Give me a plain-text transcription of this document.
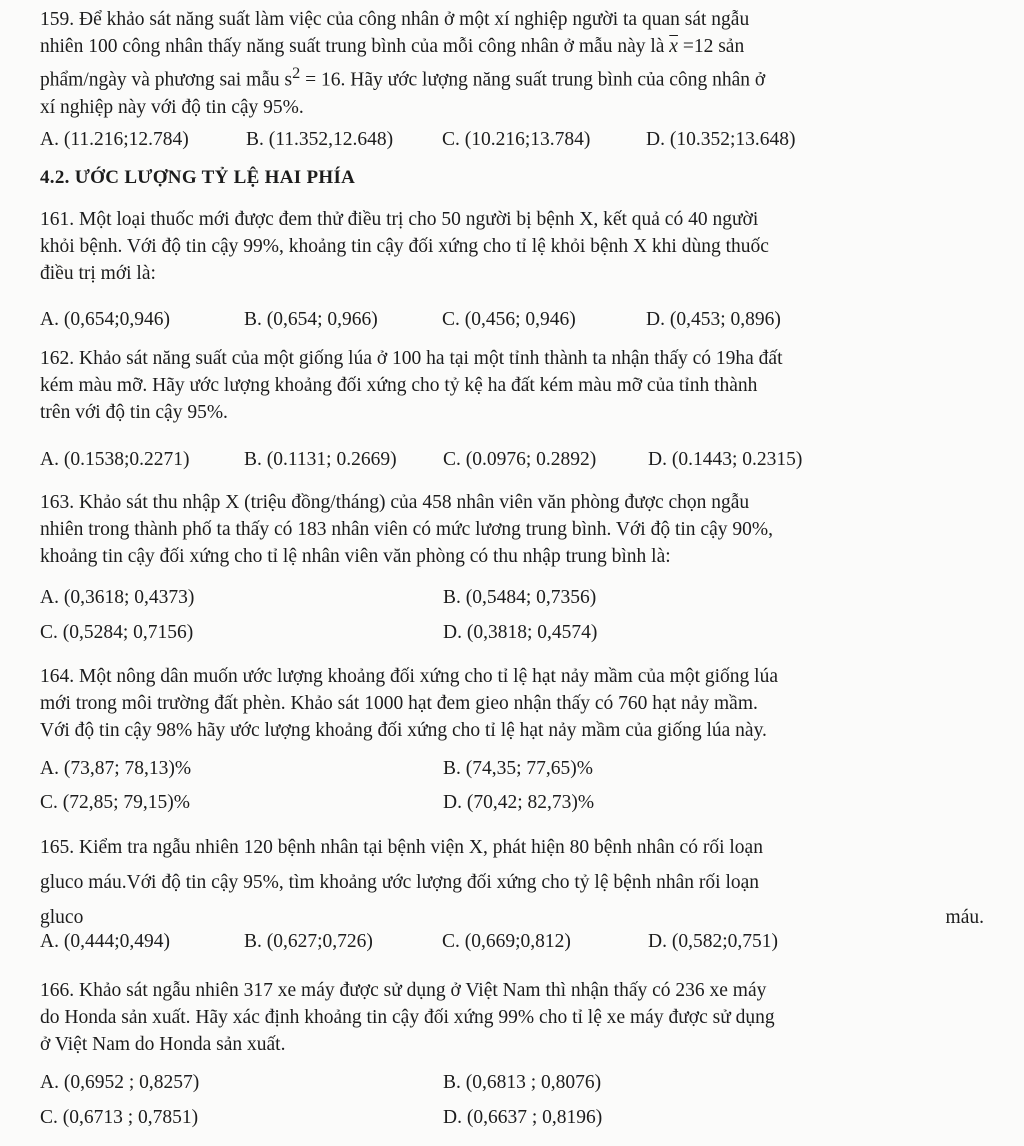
159. Để khảo sát năng suất làm việc của công nhân ở một xí nghiệp người ta quan sát ngẫu

nhiên 100 công nhân thấy năng suất trung bình của mỗi công nhân ở mẫu này là $\overline{x} =12$ sản

phẩm/ngày và phương sai mẫu $s^2 = 16$. Hãy ước lượng năng suất trung bình của công nhân ở

xí nghiệp này với độ tin cậy 95%.

A. (11.216;12.784)	B. (11.352,12.648)	C. (10.216;13.784)	D. (10.352;13.648)
4.2. ƯỚC LƯỢNG TỶ LỆ HAI PHÍA

161. Một loại thuốc mới được đem thử điều trị cho 50 người bị bệnh X, kết quả có 40 người

khỏi bệnh. Với độ tin cậy 99%, khoảng tin cậy đối xứng cho tỉ lệ khỏi bệnh X khi dùng thuốc

điều trị mới là:

A. (0,654;0,946)	B. (0,654; 0,966)	C. (0,456; 0,946)	D. (0,453; 0,896)

162. Khảo sát năng suất của một giống lúa ở 100 ha tại một tỉnh thành ta nhận thấy có 19ha đất

kém màu mỡ. Hãy ước lượng khoảng đối xứng cho tỷ kệ ha đất kém màu mỡ của tỉnh thành

trên với độ tin cậy 95%.

A. (0.1538;0.2271)	B. (0.1131; 0.2669) C. (0.0976; 0.2892)	D. (0.1443; 0.2315)

163. Khảo sát thu nhập X (triệu đồng/tháng) của 458 nhân viên văn phòng được chọn ngẫu

nhiên trong thành phố ta thấy có 183 nhân viên có mức lương trung bình. Với độ tin cậy 90%,

khoảng tin cậy đối xứng cho tỉ lệ nhân viên văn phòng có thu nhập trung bình là:

A. (0,3618; 0,4373)	B. (0,5484; 0,7356)
C. (0,5284; 0,7156)	D. (0,3818; 0,4574)

164. Một nông dân muốn ước lượng khoảng đối xứng cho tỉ lệ hạt nảy mầm của một giống lúa

mới trong môi trường đất phèn. Khảo sát 1000 hạt đem gieo nhận thấy có 760 hạt nảy mầm.

Với độ tin cậy 98% hãy ước lượng khoảng đối xứng cho tỉ lệ hạt nảy mầm của giống lúa này.

A. (73,87; 78,13)%	B. (74,35; 77,65)%
C. (72,85; 79,15)%	D. (70,42; 82,73)%
165. Kiểm tra ngẫu nhiên 120 bệnh nhân tại bệnh viện X, phát hiện 80 bệnh nhân có rối loạn
gluco máu.Với độ tin cậy 95%, tìm khoảng ước lượng đối xứng cho tỷ lệ bệnh nhân rối loạn
gluco	máu.
A. (0,444;0,494)	B. (0,627;0,726)	C. (0,669;0,812)	D. (0,582;0,751)

166. Khảo sát ngẫu nhiên 317 xe máy được sử dụng ở Việt Nam thì nhận thấy có 236 xe máy

do Honda sản xuất. Hãy xác định khoảng tin cậy đối xứng 99% cho tỉ lệ xe máy được sử dụng

ở Việt Nam do Honda sản xuất.

A. (0,6952 ; 0,8257)	B. (0,6813 ; 0,8076)
C. (0,6713 ; 0,7851)	D. (0,6637 ; 0,8196)
